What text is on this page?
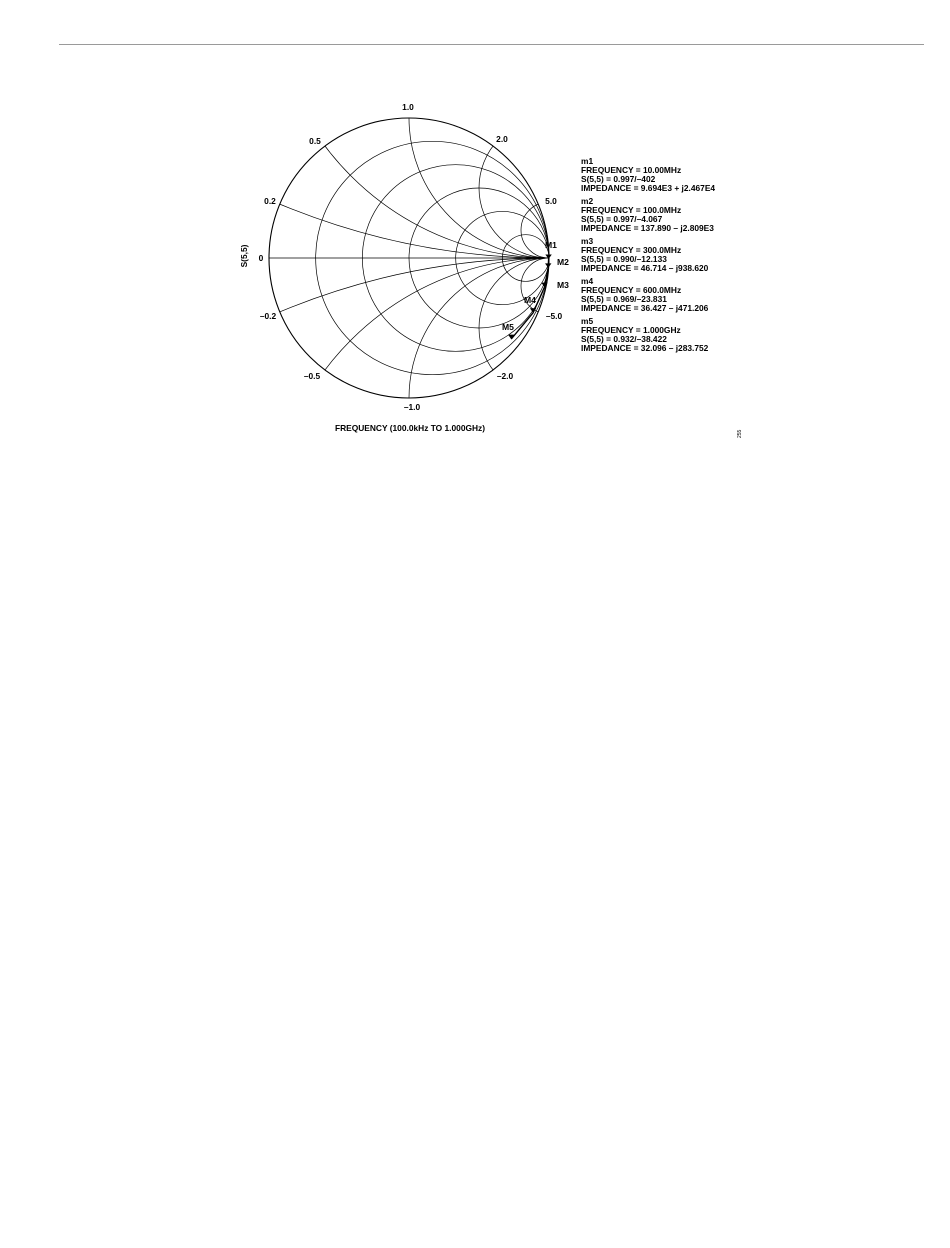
1.0
0.5	2.0
0.2	5.0
0
–0.2	–5.0
–0.5	–2.0
–1.0
FREQUENCY (100.0kHz TO 1.000GHz)
S(5,5)	M1
M2
M3
M4
M5
m1
FREQUENCY = 10.00MHz
S(5,5) = 0.997/–402
IMPEDANCE = 9.694E3 + j2.467E4
m2
FREQUENCY = 100.0MHz
S(5,5) = 0.997/–4.067
IMPEDANCE = 137.890 – j2.809E3
m3
FREQUENCY = 300.0MHz
S(5,5) = 0.990/–12.133
IMPEDANCE = 46.714 – j938.620
m4
FREQUENCY = 600.0MHz
S(5,5) = 0.969/–23.831
IMPEDANCE = 36.427 – j471.206
m5
FREQUENCY = 1.000GHz
S(5,5) = 0.932/–38.422
IMPEDANCE = 32.096 – j283.752
255
